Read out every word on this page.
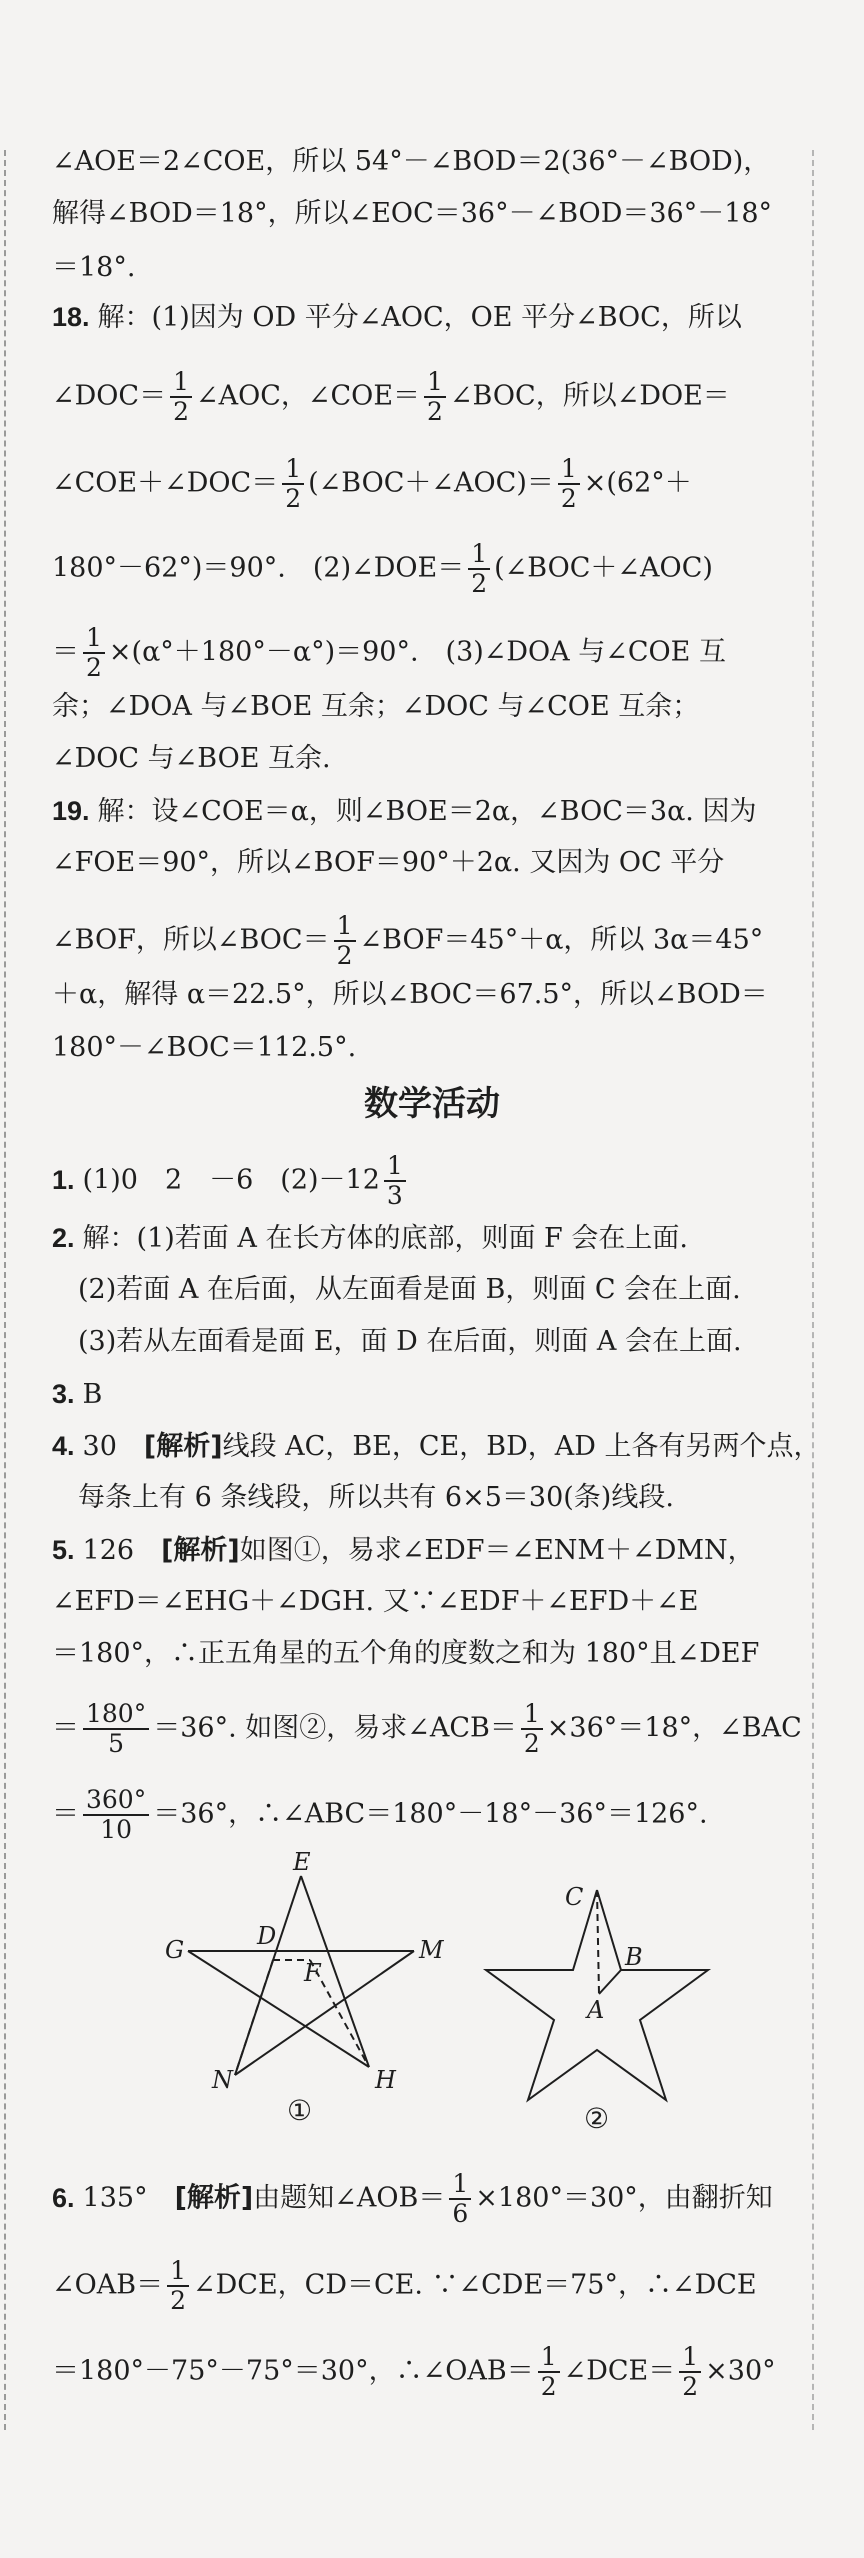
∠AOE＝2∠COE，所以 54°－∠BOD＝2(36°－∠BOD)，
解得∠BOD＝18°，所以∠EOC＝36°－∠BOD＝36°－18°
＝18°.
18. 解：(1)因为 OD 平分∠AOC，OE 平分∠BOC，所以
∠DOC＝ $\frac{1}{2}$ ∠AOC，∠COE＝ $\frac{1}{2}$ ∠BOC，所以∠DOE＝
∠COE＋∠DOC＝ $\frac{1}{2}$ (∠BOC＋∠AOC)＝ $\frac{1}{2} \times(62^\circ+$
180°－62°)＝90°.　(2)∠DOE＝ $\frac{1}{2}$ (∠BOC＋∠AOC)
＝ $\frac{1}{2} \times(\alpha^\circ+180^\circ-\alpha^\circ)=90^\circ$.　(3)∠DOA 与∠COE 互
余；∠DOA 与∠BOE 互余；∠DOC 与∠COE 互余；
∠DOC 与∠BOE 互余.
19. 解：设∠COE＝α，则∠BOE＝2α，∠BOC＝3α. 因为
∠FOE＝90°，所以∠BOF＝90°＋2α. 又因为 OC 平分
∠BOF，所以∠BOC＝ $\frac{1}{2}$ ∠BOF＝45°＋α，所以 3α＝45°
＋α，解得 α＝22.5°，所以∠BOC＝67.5°，所以∠BOD＝
180°－∠BOC＝112.5°.
数学活动
1. (1)0　2　－6　$(2)-12 \frac{1}{3}$
2. 解：(1)若面 A 在长方体的底部，则面 F 会在上面.
(2)若面 A 在后面，从左面看是面 B，则面 C 会在上面.
(3)若从左面看是面 E，面 D 在后面，则面 A 会在上面.
3. B
4. 30　[解析]线段 AC，BE，CE，BD，AD 上各有另两个点，
每条上有 6 条线段，所以共有 6×5＝30(条)线段.
5. 126　[解析]如图①，易求∠EDF＝∠ENM＋∠DMN，
∠EFD＝∠EHG＋∠DGH. 又∵∠EDF＋∠EFD＋∠E
＝180°，∴正五角星的五个角的度数之和为 180°且∠DEF
＝ $\frac{180^\circ}{5} =36^\circ$. 如图②，易求∠ACB＝ $\frac{1}{2} \times 36^\circ=18^\circ$，∠BAC
＝ $\frac{360^\circ}{10} =36^\circ$，∴∠ABC＝180°－18°－36°＝126°.
E
G	D	M
F
N	H
①
C
B
A
②
6. 135°　[解析]由题知∠AOB＝ $\frac{1}{6} \times 180^\circ=30^\circ$，由翻折知
∠OAB＝ $\frac{1}{2}$ ∠DCE，CD＝CE. ∵∠CDE＝75°，∴∠DCE
＝180°－75°－75°＝30°，∴∠OAB＝ $\frac{1}{2}$ ∠DCE＝ $\frac{1}{2} \times 30^\circ$
